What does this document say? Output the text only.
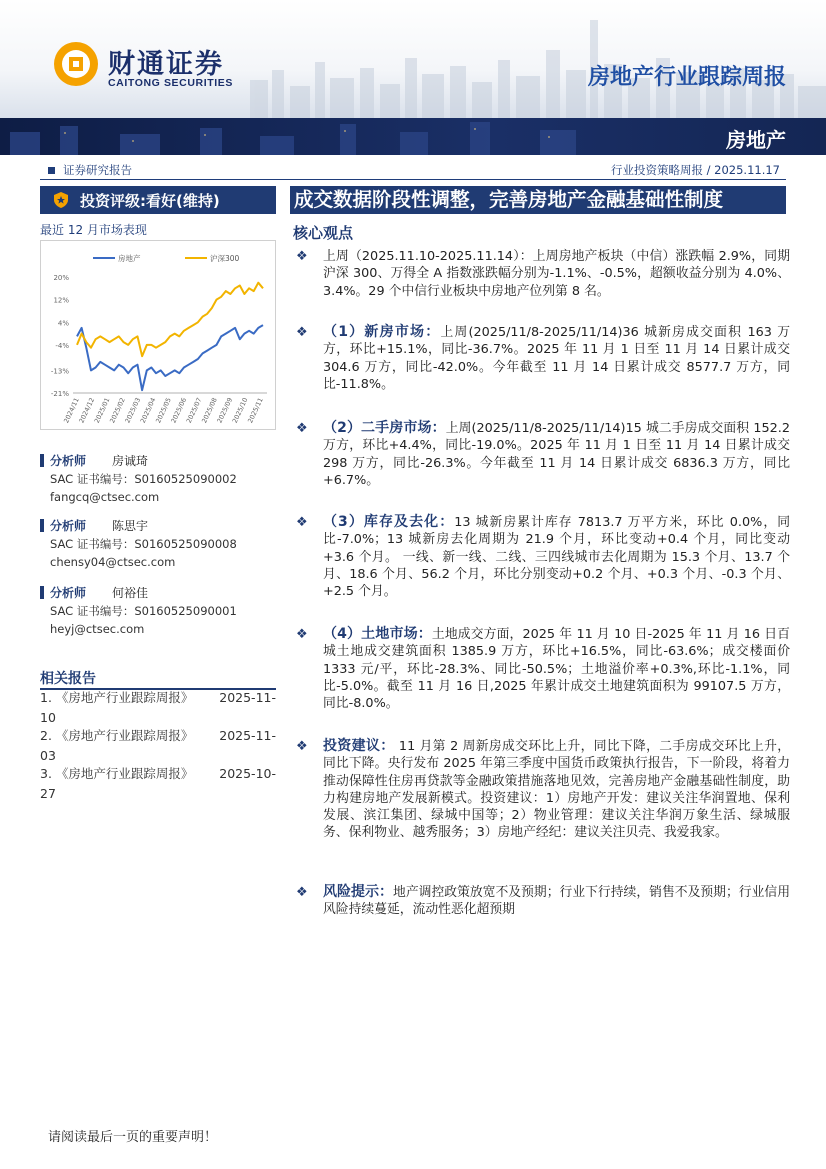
财通证券
CAITONG SECURITIES	房地产行业跟踪周报
房地产
证券研究报告	行业投资策略周报 / 2025.11.17
投资评级:看好(维持)
最近 12 月市场表现
房地产	沪深300
20%
12%
4%
-4%
-13%
-21%
2024/11
2024/12
2025/01
2025/02
2025/03
2025/04
2025/05
2025/06
2025/07
2025/08
2025/09
2025/10
2025/11
分析师	房诚琦
SAC 证书编号：S0160525090002
fangcq@ctsec.com
分析师	陈思宇
SAC 证书编号：S0160525090008
chensy04@ctsec.com
分析师	何裕佳
SAC 证书编号：S0160525090001
heyj@ctsec.com
相关报告
1. 《房地产行业跟踪周报》 2025-11-
10
2. 《房地产行业跟踪周报》 2025-11-
03
3. 《房地产行业跟踪周报》 2025-10-
27
成交数据阶段性调整，完善房地产金融基础性制度
核心观点
❖ 上周（2025.11.10-2025.11.14）：上周房地产板块（中信）涨跌幅 2.9%，同期沪深 300、万得全 A 指数涨跌幅分别为-1.1%、-0.5%，超额收益分别为 4.0%、3.4%。29 个中信行业板块中房地产位列第 8 名。
❖ （1）新房市场：上周(2025/11/8-2025/11/14)36 城新房成交面积 163 万方，环比+15.1%，同比-36.7%。2025 年 11 月 1 日至 11 月 14 日累计成交 304.6 万方，同比-42.0%。今年截至 11 月 14 日累计成交 8577.7 万方，同比-11.8%。
❖ （2）二手房市场：上周(2025/11/8-2025/11/14)15 城二手房成交面积 152.2 万方，环比+4.4%，同比-19.0%。2025 年 11 月 1 日至 11 月 14 日累计成交 298 万方，同比-26.3%。今年截至 11 月 14 日累计成交 6836.3 万方，同比+6.7%。
❖ （3）库存及去化：13 城新房累计库存 7813.7 万平方米，环比 0.0%，同比-7.0%；13 城新房去化周期为 21.9 个月，环比变动+0.4 个月，同比变动+3.6 个月。 一线、新一线、二线、三四线城市去化周期为 15.3 个月、13.7 个月、18.6 个月、56.2 个月，环比分别变动+0.2 个月、+0.3 个月、-0.3 个月、+2.5 个月。
❖ （4）土地市场：土地成交方面，2025 年 11 月 10 日-2025 年 11 月 16 日百城土地成交建筑面积 1385.9 万方，环比+16.5%，同比-63.6%；成交楼面价 1333 元/平，环比-28.3%、同比-50.5%；土地溢价率+0.3%,环比-1.1%，同比-5.0%。截至 11 月 16 日,2025 年累计成交土地建筑面积为 99107.5 万方，同比-8.0%。
❖ 投资建议： 11 月第 2 周新房成交环比上升，同比下降，二手房成交环比上升，同比下降。央行发布 2025 年第三季度中国货币政策执行报告，下一阶段，将着力推动保障性住房再贷款等金融政策措施落地见效，完善房地产金融基础性制度，助力构建房地产发展新模式。投资建议：1）房地产开发：建议关注华润置地、保利发展、滨江集团、绿城中国等；2）物业管理：建议关注华润万象生活、绿城服务、保利物业、越秀服务；3）房地产经纪：建议关注贝壳、我爱我家。
❖ 风险提示：地产调控政策放宽不及预期；行业下行持续，销售不及预期；行业信用风险持续蔓延，流动性恶化超预期
请阅读最后一页的重要声明！
